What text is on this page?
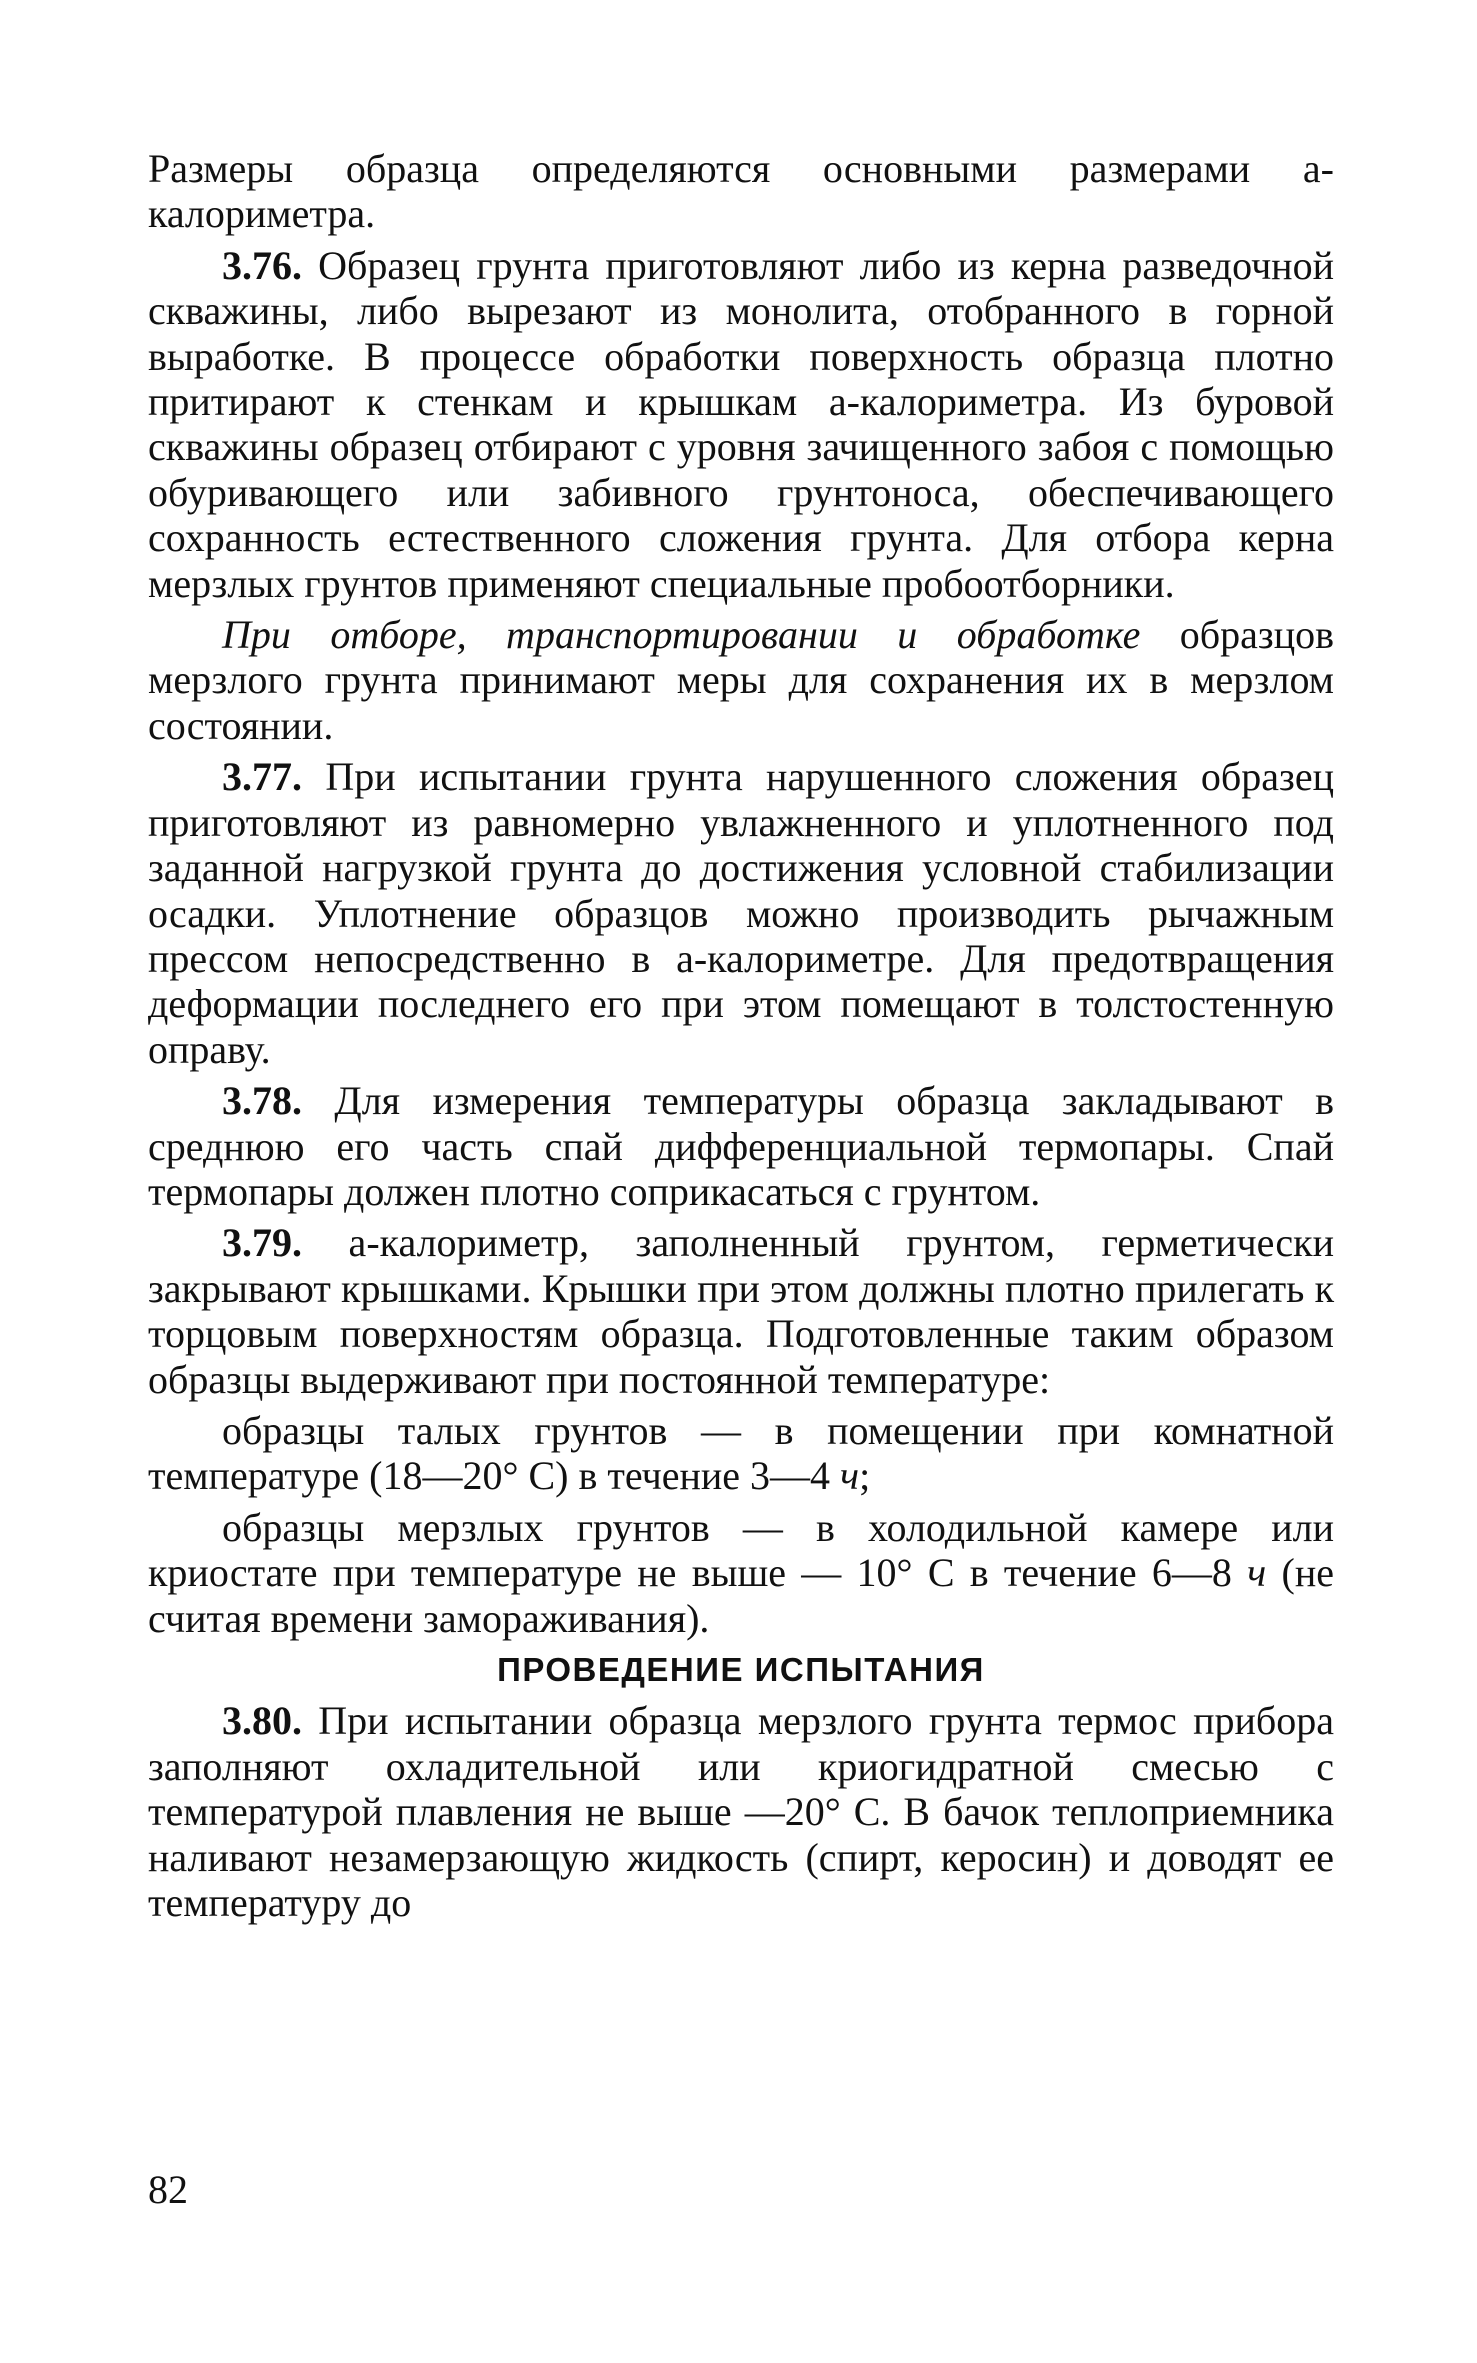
Размеры образца определяются основными размерами а-калориметра.

3.76. Образец грунта приготовляют либо из керна разведочной скважины, либо вырезают из монолита, отобранного в горной выработке. В процессе обработки поверхность образца плотно притирают к стенкам и крышкам а-калориметра. Из буровой скважины образец отбирают с уровня зачищенного забоя с помощью обуривающего или забивного грунтоноса, обеспечивающего сохранность естественного сложения грунта. Для отбора керна мерзлых грунтов применяют специальные пробоотборники.

При отборе, транспортировании и обработке образцов мерзлого грунта принимают меры для сохранения их в мерзлом состоянии.

3.77. При испытании грунта нарушенного сложения образец приготовляют из равномерно увлажненного и уплотненного под заданной нагрузкой грунта до достижения условной стабилизации осадки. Уплотнение образцов можно производить рычажным прессом непосредственно в а-калориметре. Для предотвращения деформации последнего его при этом помещают в толстостенную оправу.

3.78. Для измерения температуры образца закладывают в среднюю его часть спай дифференциальной термопары. Спай термопары должен плотно соприкасаться с грунтом.

3.79. а-калориметр, заполненный грунтом, герметически закрывают крышками. Крышки при этом должны плотно прилегать к торцовым поверхностям образца. Подготовленные таким образом образцы выдерживают при постоянной температуре:

образцы талых грунтов — в помещении при комнатной температуре (18—20° С) в течение 3—4 ч;

образцы мерзлых грунтов — в холодильной камере или криостате при температуре не выше — 10° С в течение 6—8 ч (не считая времени замораживания).

ПРОВЕДЕНИЕ ИСПЫТАНИЯ

3.80. При испытании образца мерзлого грунта термос прибора заполняют охладительной или криогидратной смесью с температурой плавления не выше —20° С. В бачок теплоприемника наливают незамерзающую жидкость (спирт, керосин) и доводят ее температуру до

82
